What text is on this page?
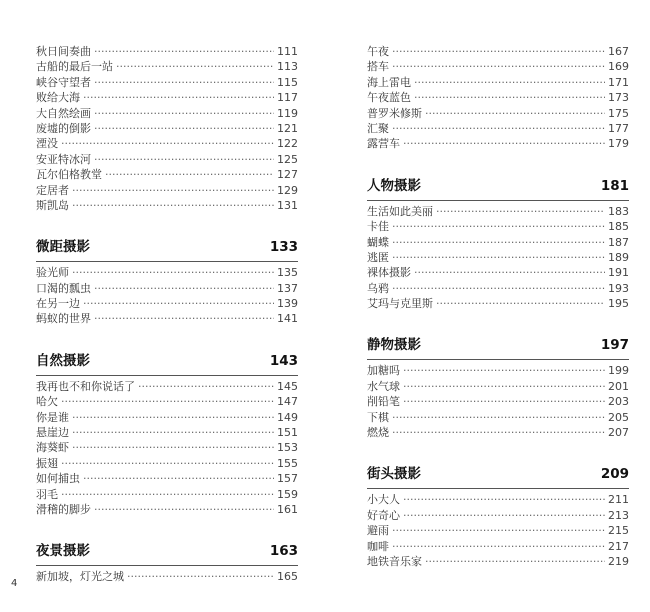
秋日间奏曲 ·····	111
古船的最后一站 ·····	113
峡谷守望者 ·····	115
败给大海 ·····	117
大自然绘画 ·····	119
废墟的倒影 ·····	121
湮没 ·····	122
安亚特冰河 ·····	125
瓦尔伯格教堂 ·····	127
定居者 ·····	129
斯凯岛 ·····	131
微距摄影	133
验光师 ·····	135
口渴的瓢虫 ·····	137
在另一边 ·····	139
蚂蚁的世界 ·····	141
自然摄影	143
我再也不和你说话了 ·····	145
哈欠 ·····	147
你是谁 ·····	149
悬崖边 ·····	151
海葵虾 ·····	153
振翅 ·····	155
如何捕虫 ·····	157
羽毛 ·····	159
滑稽的脚步 ·····	161
夜景摄影	163
新加坡，灯光之城 ·····	165
午夜 ·····	167
搭车 ·····	169
海上雷电 ·····	171
午夜蓝色 ·····	173
普罗米修斯 ·····	175
汇聚 ·····	177
露营车 ·····	179
人物摄影	181
生活如此美丽 ·····	183
卡佳 ·····	185
蝴蝶 ·····	187
逃匿 ·····	189
裸体摄影 ·····	191
乌鸦 ·····	193
艾玛与克里斯 ·····	195
静物摄影	197
加糖吗 ·····	199
水气球 ·····	201
削铅笔 ·····	203
下棋 ·····	205
燃烧 ·····	207
街头摄影	209
小大人 ·····	211
好奇心 ·····	213
避雨 ·····	215
咖啡 ·····	217
地铁音乐家 ·····	219
4
